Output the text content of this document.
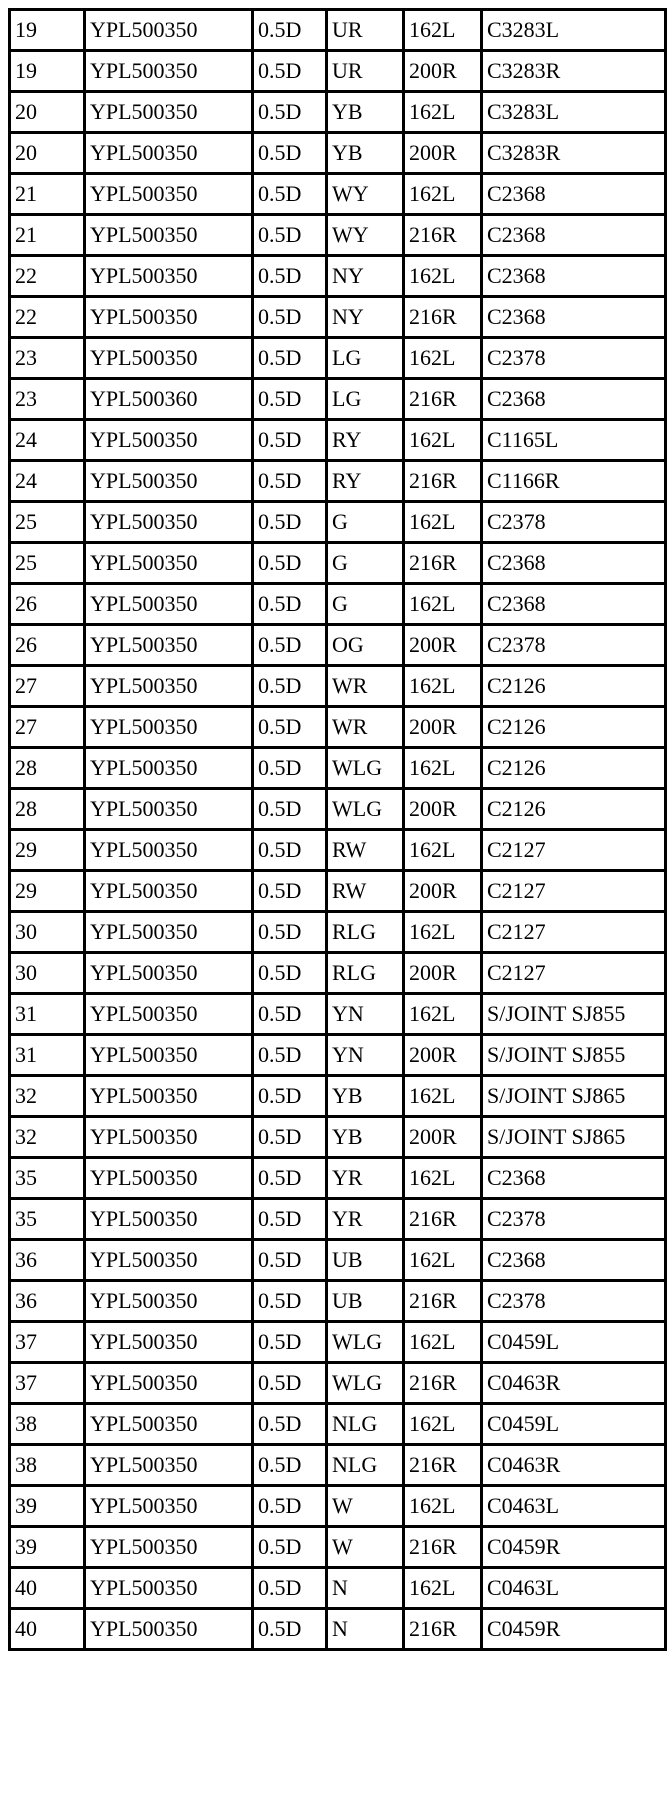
19	YPL500350	0.5D	UR	162L	C3283L
19	YPL500350	0.5D	UR	200R	C3283R
20	YPL500350	0.5D	YB	162L	C3283L
20	YPL500350	0.5D	YB	200R	C3283R
21	YPL500350	0.5D	WY	162L	C2368
21	YPL500350	0.5D	WY	216R	C2368
22	YPL500350	0.5D	NY	162L	C2368
22	YPL500350	0.5D	NY	216R	C2368
23	YPL500350	0.5D	LG	162L	C2378
23	YPL500360	0.5D	LG	216R	C2368
24	YPL500350	0.5D	RY	162L	C1165L
24	YPL500350	0.5D	RY	216R	C1166R
25	YPL500350	0.5D	G	162L	C2378
25	YPL500350	0.5D	G	216R	C2368
26	YPL500350	0.5D	G	162L	C2368
26	YPL500350	0.5D	OG	200R	C2378
27	YPL500350	0.5D	WR	162L	C2126
27	YPL500350	0.5D	WR	200R	C2126
28	YPL500350	0.5D	WLG	162L	C2126
28	YPL500350	0.5D	WLG	200R	C2126
29	YPL500350	0.5D	RW	162L	C2127
29	YPL500350	0.5D	RW	200R	C2127
30	YPL500350	0.5D	RLG	162L	C2127
30	YPL500350	0.5D	RLG	200R	C2127
31	YPL500350	0.5D	YN	162L	S/JOINT SJ855
31	YPL500350	0.5D	YN	200R	S/JOINT SJ855
32	YPL500350	0.5D	YB	162L	S/JOINT SJ865
32	YPL500350	0.5D	YB	200R	S/JOINT SJ865
35	YPL500350	0.5D	YR	162L	C2368
35	YPL500350	0.5D	YR	216R	C2378
36	YPL500350	0.5D	UB	162L	C2368
36	YPL500350	0.5D	UB	216R	C2378
37	YPL500350	0.5D	WLG	162L	C0459L
37	YPL500350	0.5D	WLG	216R	C0463R
38	YPL500350	0.5D	NLG	162L	C0459L
38	YPL500350	0.5D	NLG	216R	C0463R
39	YPL500350	0.5D	W	162L	C0463L
39	YPL500350	0.5D	W	216R	C0459R
40	YPL500350	0.5D	N	162L	C0463L
40	YPL500350	0.5D	N	216R	C0459R
